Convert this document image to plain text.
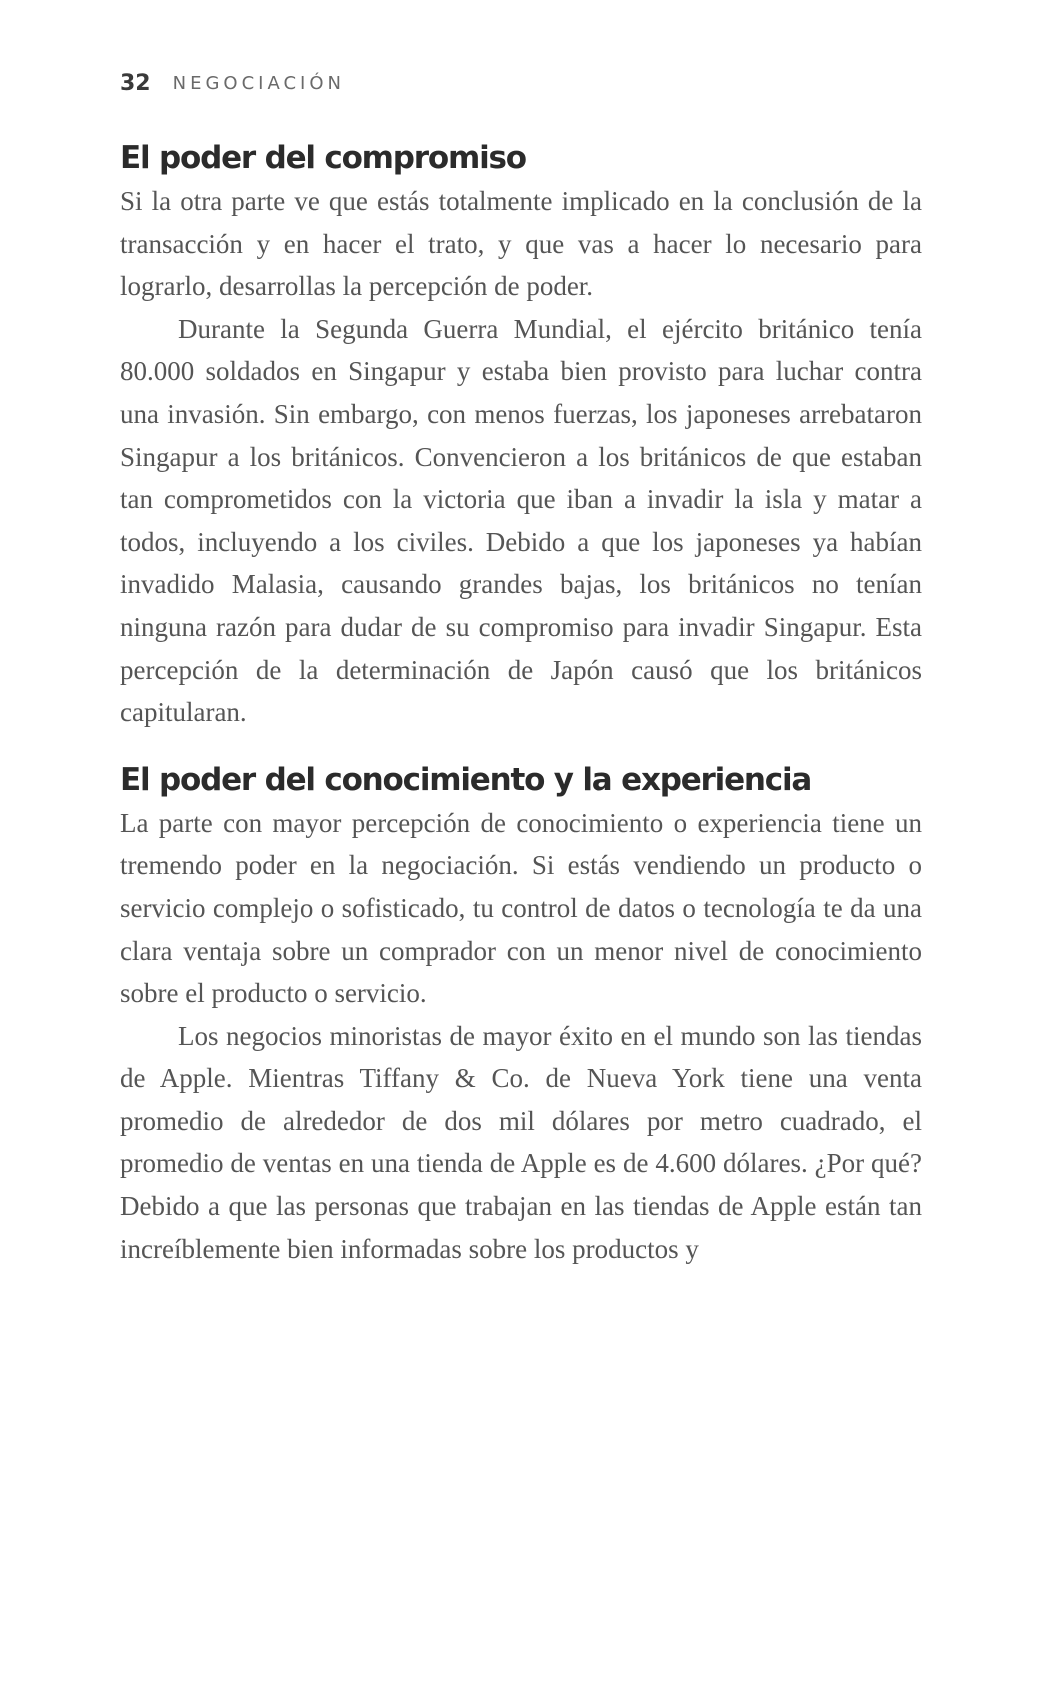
32 NEGOCIACIÓN
El poder del compromiso

Si la otra parte ve que estás totalmente implicado en la conclusión de la transacción y en hacer el trato, y que vas a hacer lo necesario para lograrlo, desarrollas la percepción de poder.

Durante la Segunda Guerra Mundial, el ejército británico tenía 80.000 soldados en Singapur y estaba bien provisto para luchar contra una invasión. Sin embargo, con menos fuerzas, los japoneses arrebataron Singapur a los británicos. Convencieron a los británicos de que estaban tan comprometidos con la victoria que iban a invadir la isla y matar a todos, incluyendo a los civiles. Debido a que los japoneses ya habían invadido Malasia, causando grandes bajas, los británicos no tenían ninguna razón para dudar de su compromiso para invadir Singapur. Esta percepción de la determinación de Japón causó que los británicos capitularan.

El poder del conocimiento y la experiencia

La parte con mayor percepción de conocimiento o experiencia tiene un tremendo poder en la negociación. Si estás vendiendo un producto o servicio complejo o sofisticado, tu control de datos o tecnología te da una clara ventaja sobre un comprador con un menor nivel de conocimiento sobre el producto o servicio.

Los negocios minoristas de mayor éxito en el mundo son las tiendas de Apple. Mientras Tiffany & Co. de Nueva York tiene una venta promedio de alrededor de dos mil dólares por metro cuadrado, el promedio de ventas en una tienda de Apple es de 4.600 dólares. ¿Por qué? Debido a que las personas que trabajan en las tiendas de Apple están tan increíblemente bien informadas sobre los productos y
